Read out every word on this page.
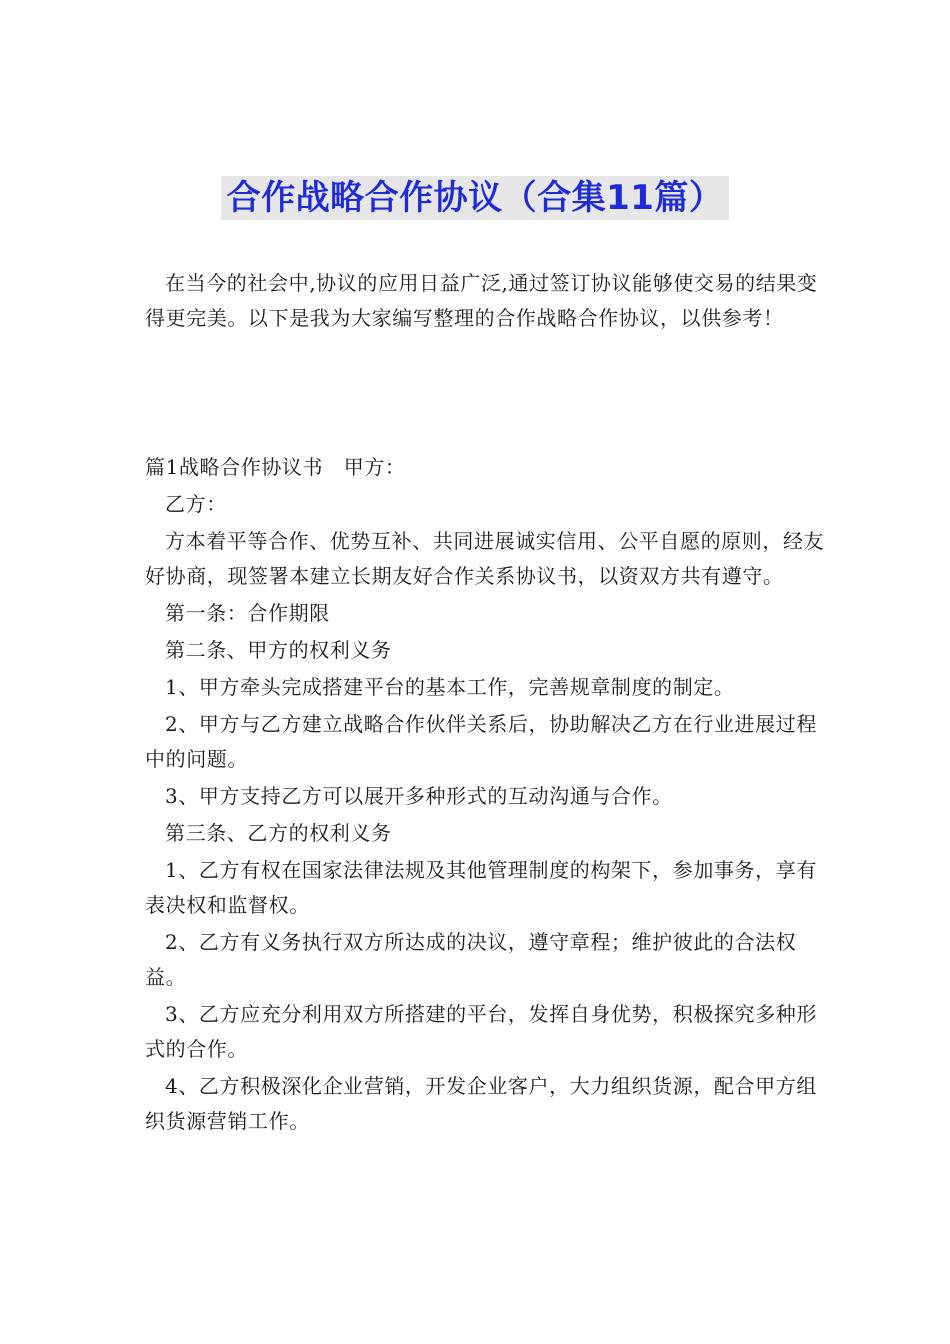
合作战略合作协议（合集11篇）

在当今的社会中,协议的应用日益广泛,通过签订协议能够使交易的结果变得更完美。以下是我为大家编写整理的合作战略合作协议，以供参考！

篇1战略合作协议书　甲方：

乙方：

方本着平等合作、优势互补、共同进展诚实信用、公平自愿的原则，经友好协商，现签署本建立长期友好合作关系协议书，以资双方共有遵守。

第一条：合作期限

第二条、甲方的权利义务

1、甲方牵头完成搭建平台的基本工作，完善规章制度的制定。

2、甲方与乙方建立战略合作伙伴关系后，协助解决乙方在行业进展过程中的问题。

3、甲方支持乙方可以展开多种形式的互动沟通与合作。

第三条、乙方的权利义务

1、乙方有权在国家法律法规及其他管理制度的构架下，参加事务，享有表决权和监督权。

2、乙方有义务执行双方所达成的决议，遵守章程；维护彼此的合法权益。

3、乙方应充分利用双方所搭建的平台，发挥自身优势，积极探究多种形式的合作。

4、乙方积极深化企业营销，开发企业客户，大力组织货源，配合甲方组织货源营销工作。
